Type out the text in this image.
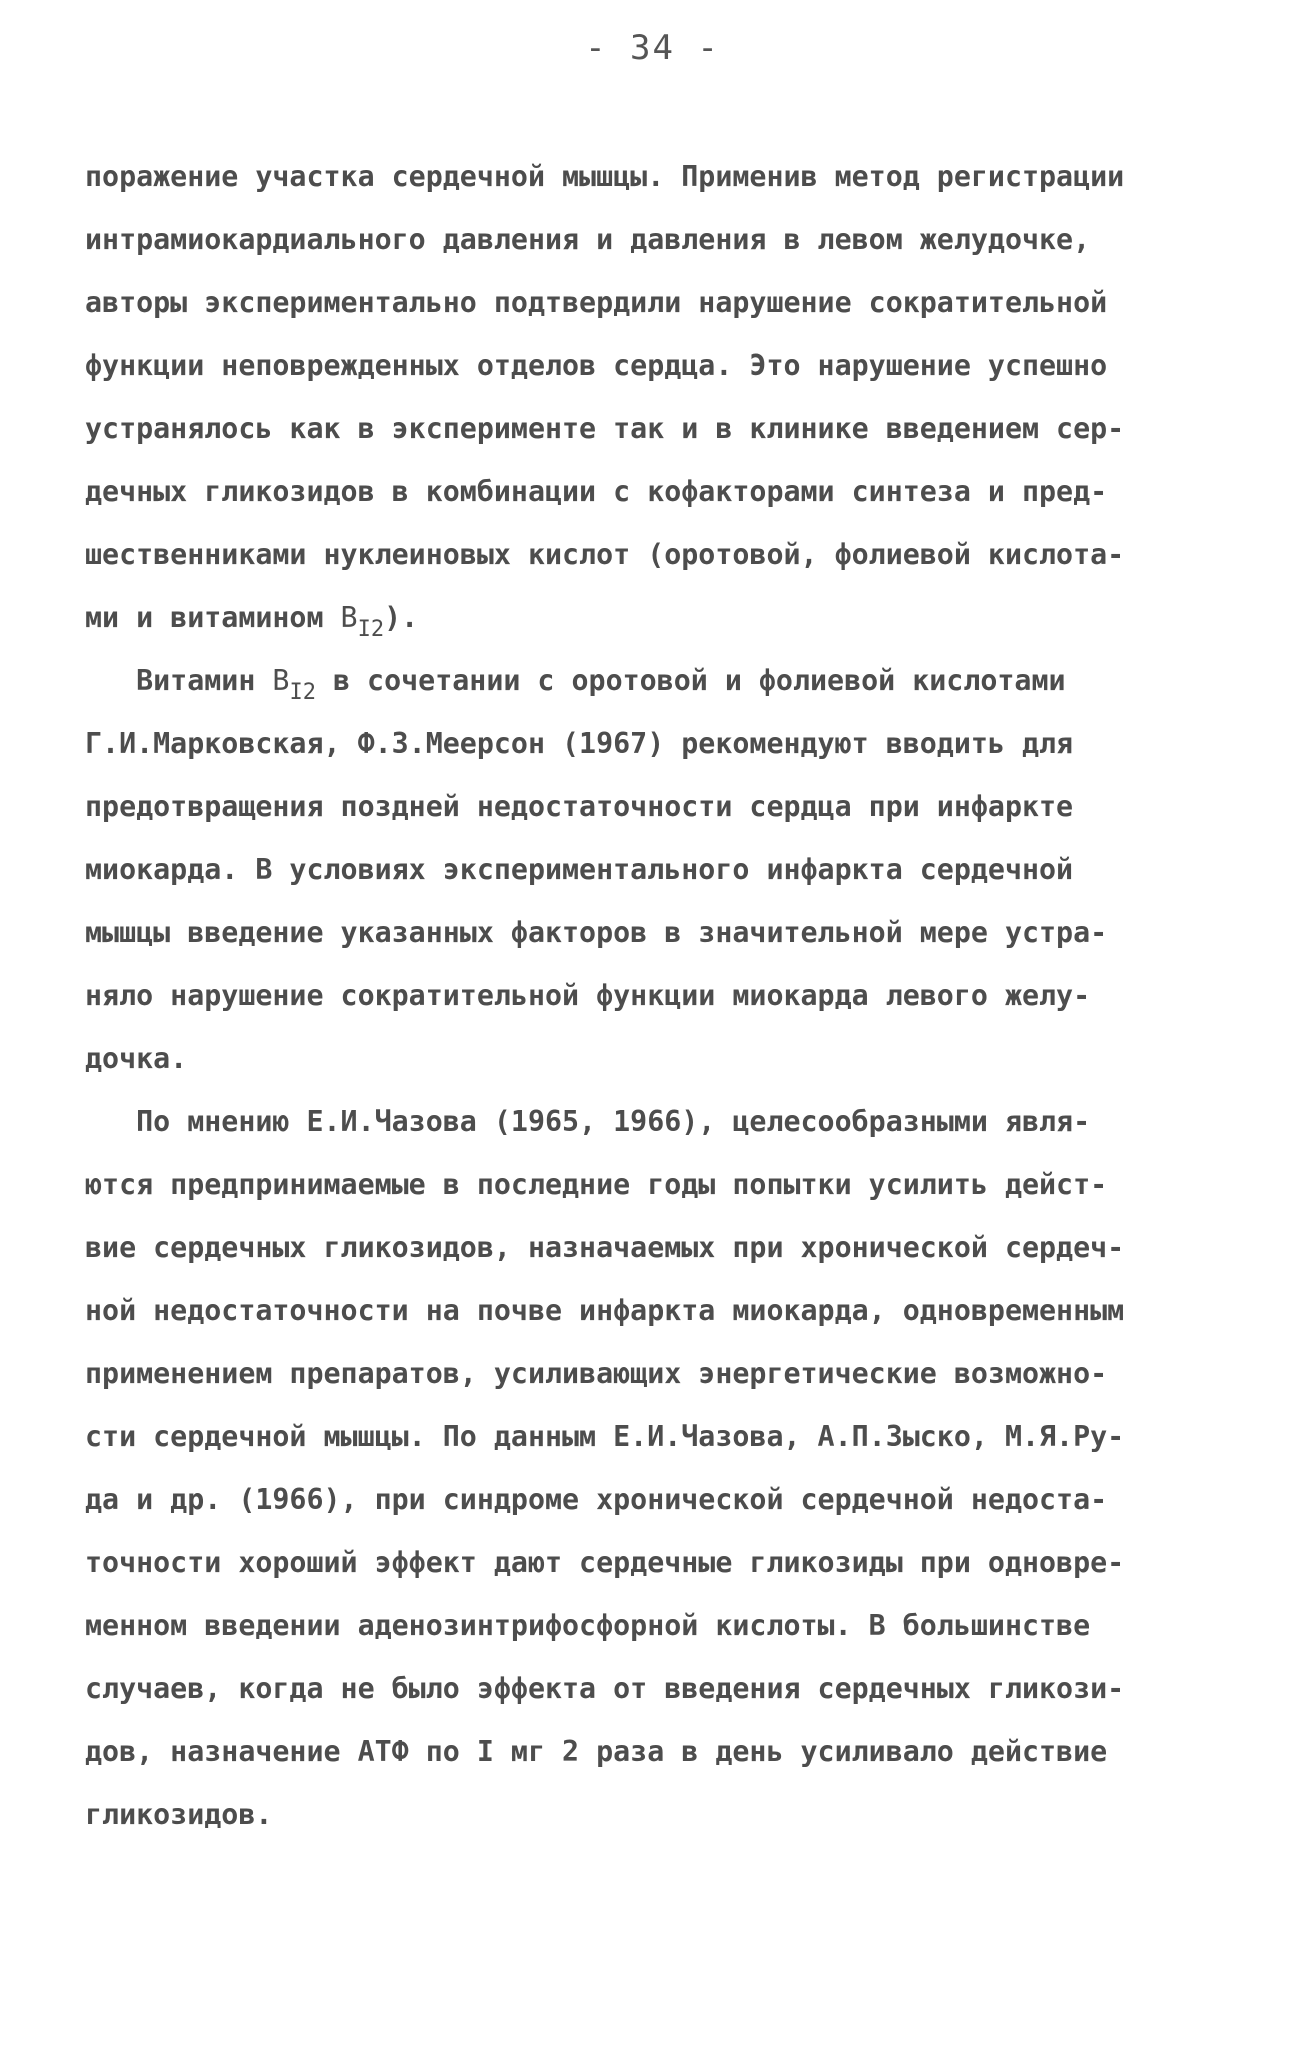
- 34 -
поражение участка сердечной мышцы. Применив метод регистрации
интрамиокардиального давления и давления в левом желудочке,
авторы экспериментально подтвердили нарушение сократительной
функции неповрежденных отделов сердца. Это нарушение успешно
устранялось как в эксперименте так и в клинике введением сер-
дечных гликозидов в комбинации с кофакторами синтеза и пред-
шественниками нуклеиновых кислот (оротовой, фолиевой кислота-
ми и витамином $B_{I2}$).
Витамин $B_{I2}$ в сочетании с оротовой и фолиевой кислотами
Г.И.Марковская, Ф.З.Меерсон (1967) рекомендуют вводить для
предотвращения поздней недостаточности сердца при инфаркте
миокарда. В условиях экспериментального инфаркта сердечной
мышцы введение указанных факторов в значительной мере устра-
няло нарушение сократительной функции миокарда левого желу-
дочка.
По мнению Е.И.Чазова (1965, 1966), целесообразными явля-
ются предпринимаемые в последние годы попытки усилить дейст-
вие сердечных гликозидов, назначаемых при хронической сердеч-
ной недостаточности на почве инфаркта миокарда, одновременным
применением препаратов, усиливающих энергетические возможно-
сти сердечной мышцы. По данным Е.И.Чазова, А.П.Зыско, М.Я.Ру-
да и др. (1966), при синдроме хронической сердечной недоста-
точности хороший эффект дают сердечные гликозиды при одновре-
менном введении аденозинтрифосфорной кислоты. В большинстве
случаев, когда не было эффекта от введения сердечных гликози-
дов, назначение АТФ по I мг 2 раза в день усиливало действие
гликозидов.
